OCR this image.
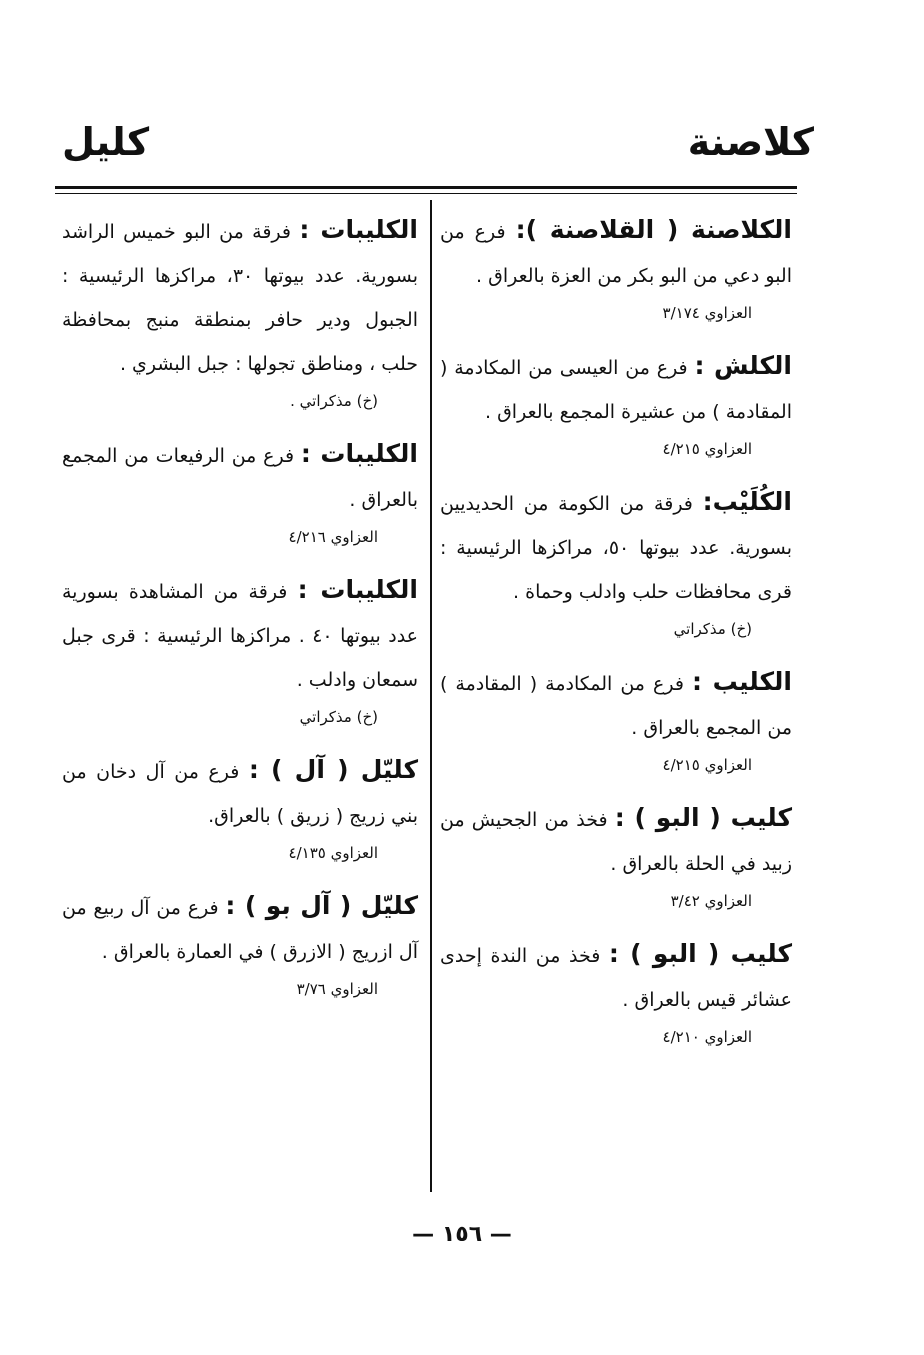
كلاصنة
كليل

الكلاصنة ( القلاصنة ): فرع من البو دعي من البو بكر من العزة بالعراق .

العزاوي ٣/١٧٤

الكلش : فرع من العيسى من المكادمة ( المقادمة ) من عشيرة المجمع بالعراق .

العزاوي ٤/٢١٥

الكُلَيْب: فرقة من الكومة من الحديديين بسورية. عدد بيوتها ٥٠، مراكزها الرئيسية : قرى محافظات حلب وادلب وحماة .

(خ) مذكراتي

الكليب : فرع من المكادمة ( المقادمة ) من المجمع بالعراق .

العزاوي ٤/٢١٥

كليب ( البو ) : فخذ من الجحيش من زبيد في الحلة بالعراق .

العزاوي ٣/٤٢

كليب ( البو ) : فخذ من الندة إحدى عشائر قيس بالعراق .

العزاوي ٤/٢١٠

الكليبات : فرقة من البو خميس الراشد بسورية. عدد بيوتها ٣٠، مراكزها الرئيسية : الجبول ودير حافر بمنطقة منبج بمحافظة حلب ، ومناطق تجولها : جبل البشري .

(خ) مذكراتي .

الكليبات : فرع من الرفيعات من المجمع بالعراق .

العزاوي ٤/٢١٦

الكليبات : فرقة من المشاهدة بسورية عدد بيوتها ٤٠ . مراكزها الرئيسية : قرى جبل سمعان وادلب .

(خ) مذكراتي

كليّل ( آل ) : فرع من آل دخان من بني زريج ( زريق ) بالعراق.

العزاوي ٤/١٣٥

كليّل ( آل بو ) : فرع من آل ربيع من آل ازريج ( الازرق ) في العمارة بالعراق .

العزاوي ٣/٧٦

— ١٥٦ —
